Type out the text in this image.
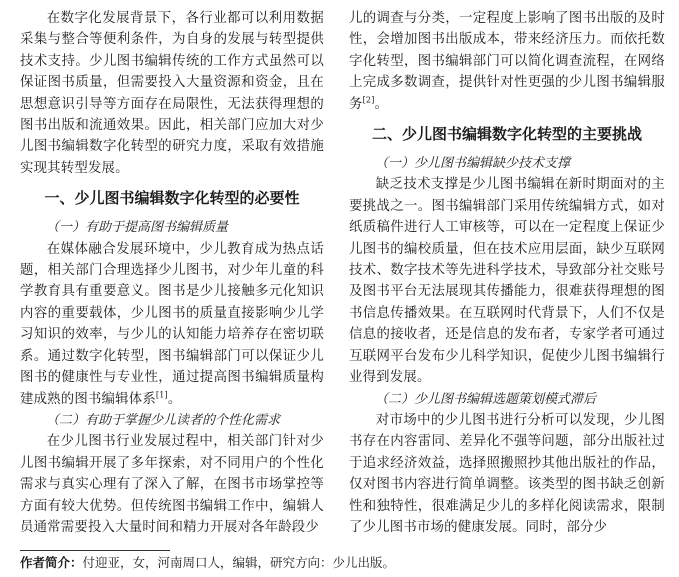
在数字化发展背景下，各行业都可以利用数据采集与整合等便利条件，为自身的发展与转型提供技术支持。少儿图书编辑传统的工作方式虽然可以保证图书质量，但需要投入大量资源和资金，且在思想意识引导等方面存在局限性，无法获得理想的图书出版和流通效果。因此，相关部门应加大对少儿图书编辑数字化转型的研究力度，采取有效措施实现其转型发展。

一、少儿图书编辑数字化转型的必要性
（一）有助于提高图书编辑质量

在媒体融合发展环境中，少儿教育成为热点话题，相关部门合理选择少儿图书，对少年儿童的科学教育具有重要意义。图书是少儿接触多元化知识内容的重要载体，少儿图书的质量直接影响少儿学习知识的效率，与少儿的认知能力培养存在密切联系。通过数字化转型，图书编辑部门可以保证少儿图书的健康性与专业性，通过提高图书编辑质量构建成熟的图书编辑体系[1]。

（二）有助于掌握少儿读者的个性化需求

在少儿图书行业发展过程中，相关部门针对少儿图书编辑开展了多年探索，对不同用户的个性化需求与真实心理有了深入了解，在图书市场掌控等方面有较大优势。但传统图书编辑工作中，编辑人员通常需要投入大量时间和精力开展对各年龄段少

儿的调查与分类，一定程度上影响了图书出版的及时性，会增加图书出版成本，带来经济压力。而依托数字化转型，图书编辑部门可以简化调查流程，在网络上完成多数调查，提供针对性更强的少儿图书编辑服务[2]。

二、少儿图书编辑数字化转型的主要挑战
（一）少儿图书编辑缺少技术支撑

缺乏技术支撑是少儿图书编辑在新时期面对的主要挑战之一。图书编辑部门采用传统编辑方式，如对纸质稿件进行人工审核等，可以在一定程度上保证少儿图书的编校质量，但在技术应用层面，缺少互联网技术、数字技术等先进科学技术，导致部分社交账号及图书平台无法展现其传播能力，很难获得理想的图书信息传播效果。在互联网时代背景下，人们不仅是信息的接收者，还是信息的发布者，专家学者可通过互联网平台发布少儿科学知识，促使少儿图书编辑行业得到发展。

（二）少儿图书编辑选题策划模式滞后

对市场中的少儿图书进行分析可以发现，少儿图书存在内容雷同、差异化不强等问题，部分出版社过于追求经济效益，选择照搬照抄其他出版社的作品，仅对图书内容进行简单调整。该类型的图书缺乏创新性和独特性，很难满足少儿的多样化阅读需求，限制了少儿图书市场的健康发展。同时，部分少

作者简介：付迎亚，女，河南周口人，编辑，研究方向：少儿出版。
